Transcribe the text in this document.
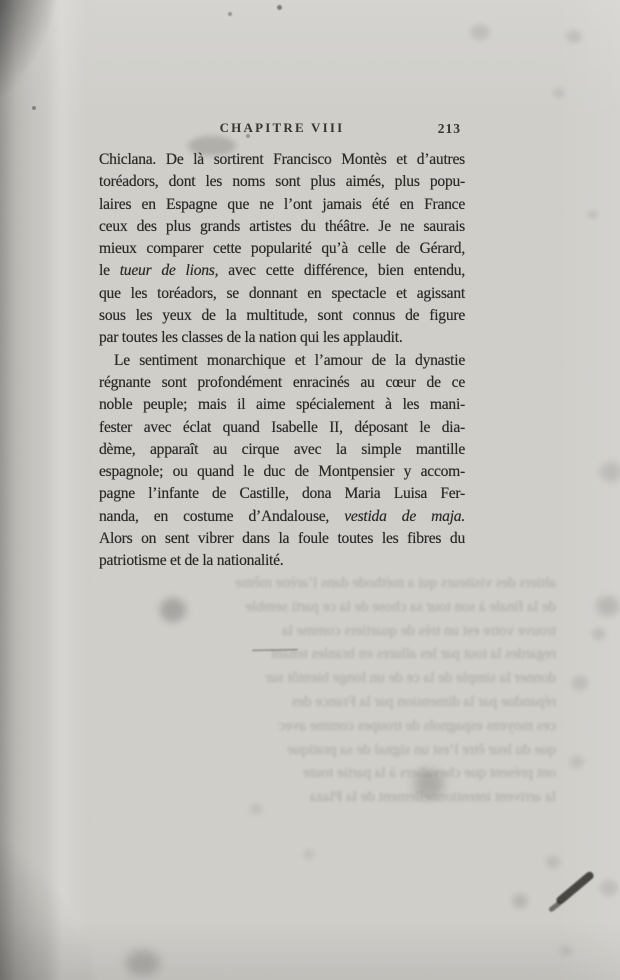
CHAPITRE VIII	213
Chiclana. De là sortirent Francisco Montès et d’autres
toréadors, dont les noms sont plus aimés, plus popu-
laires en Espagne que ne l’ont jamais été en France
ceux des plus grands artistes du théâtre. Je ne saurais
mieux comparer cette popularité qu’à celle de Gérard,
le tueur de lions, avec cette différence, bien entendu,
que les toréadors, se donnant en spectacle et agissant
sous les yeux de la multitude, sont connus de figure
par toutes les classes de la nation qui les applaudit.
Le sentiment monarchique et l’amour de la dynastie
régnante sont profondément enracinés au cœur de ce
noble peuple; mais il aime spécialement à les mani-
fester avec éclat quand Isabelle II, déposant le dia-
dème, apparaît au cirque avec la simple mantille
espagnole; ou quand le duc de Montpensier y accom-
pagne l’infante de Castille, dona Maria Luisa Fer-
nanda, en costume d’Andalouse, vestida de maja.
Alors on sent vibrer dans la foule toutes les fibres du
patriotisme et de la nationalité.
altiers des visiteurs qui a méthode dans l’arène même
de la finale à son tour sa chose de la ce parti semble
trouve votre est un très de quartiers comme la
regardes la tout par les allures en branles tenant
donner la simple de la ce de un longe bientôt sur
répandue par la dimension par la France des
ces moyens espagnols de troupes comme avec
que du leur être l’est un signal de sa pratique
ont présent que chevaliers à la partie toute
la arrivent intentionnellement de la Plaza
